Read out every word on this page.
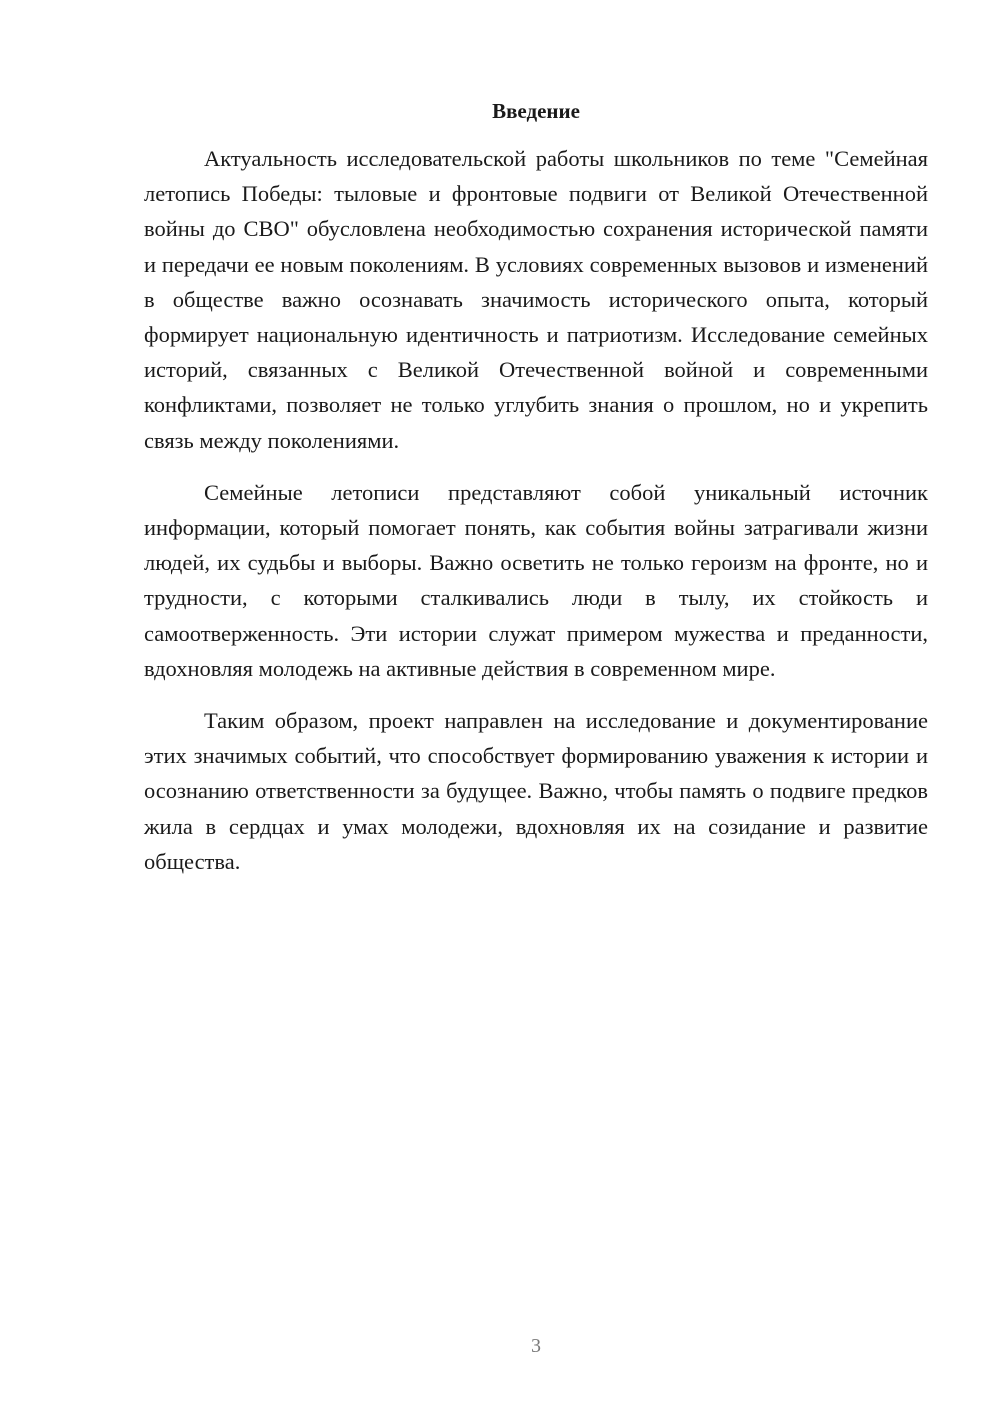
Введение

Актуальность исследовательской работы школьников по теме "Семейная летопись Победы: тыловые и фронтовые подвиги от Великой Отечественной войны до СВО" обусловлена необходимостью сохранения исторической памяти и передачи ее новым поколениям. В условиях современных вызовов и изменений в обществе важно осознавать значимость исторического опыта, который формирует национальную идентичность и патриотизм. Исследование семейных историй, связанных с Великой Отечественной войной и современными конфликтами, позволяет не только углубить знания о прошлом, но и укрепить связь между поколениями.

Семейные летописи представляют собой уникальный источник информации, который помогает понять, как события войны затрагивали жизни людей, их судьбы и выборы. Важно осветить не только героизм на фронте, но и трудности, с которыми сталкивались люди в тылу, их стойкость и самоотверженность. Эти истории служат примером мужества и преданности, вдохновляя молодежь на активные действия в современном мире.

Таким образом, проект направлен на исследование и документирование этих значимых событий, что способствует формированию уважения к истории и осознанию ответственности за будущее. Важно, чтобы память о подвиге предков жила в сердцах и умах молодежи, вдохновляя их на созидание и развитие общества.

3
